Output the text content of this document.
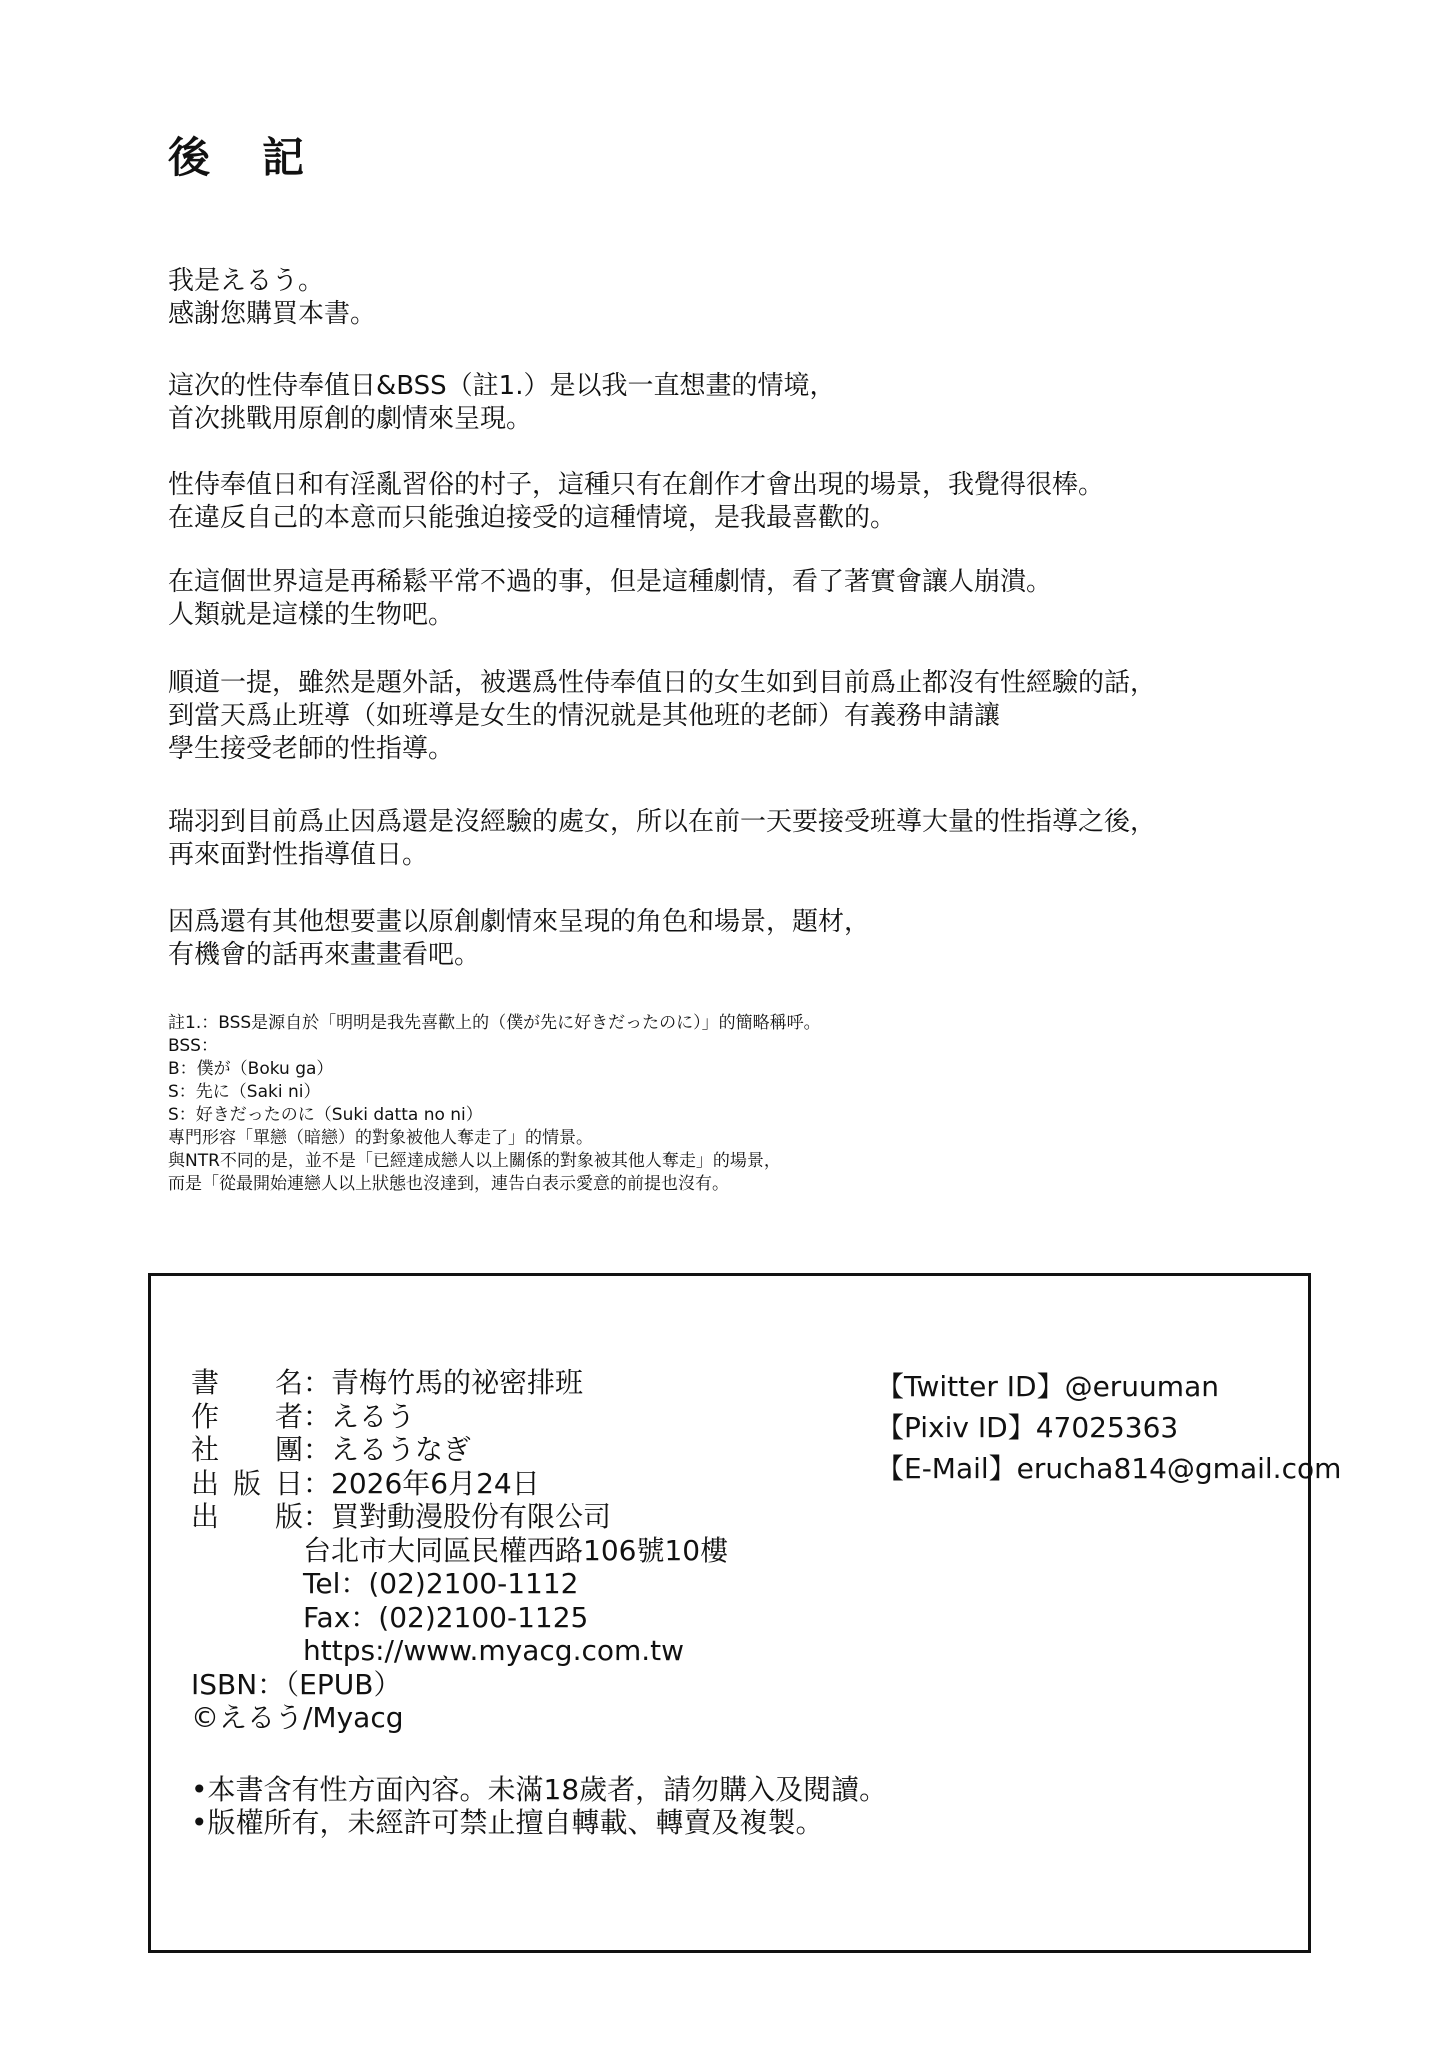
後記
我是えるう。
感謝您購買本書。
這次的性侍奉值日&BSS（註1.）是以我一直想畫的情境，
首次挑戰用原創的劇情來呈現。
性侍奉值日和有淫亂習俗的村子，這種只有在創作才會出現的場景，我覺得很棒。
在違反自己的本意而只能強迫接受的這種情境，是我最喜歡的。
在這個世界這是再稀鬆平常不過的事，但是這種劇情，看了著實會讓人崩潰。
人類就是這樣的生物吧。
順道一提，雖然是題外話，被選爲性侍奉值日的女生如到目前爲止都沒有性經驗的話，
到當天爲止班導（如班導是女生的情況就是其他班的老師）有義務申請讓
學生接受老師的性指導。
瑞羽到目前爲止因爲還是沒經驗的處女，所以在前一天要接受班導大量的性指導之後，
再來面對性指導值日。
因爲還有其他想要畫以原創劇情來呈現的角色和場景，題材，
有機會的話再來畫畫看吧。
註1.：BSS是源自於「明明是我先喜歡上的（僕が先に好きだったのに）」的簡略稱呼。
BSS：
B：僕が（Boku ga）
S：先に（Saki ni）
S：好きだったのに（Suki datta no ni）
專門形容「單戀（暗戀）的對象被他人奪走了」的情景。
與NTR不同的是，並不是「已經達成戀人以上關係的對象被其他人奪走」的場景，
而是「從最開始連戀人以上狀態也沒達到，連告白表示愛意的前提也沒有。
書名 ： 青梅竹馬的祕密排班
作者 ： えるう
社團 ： えるうなぎ
出版日 ： 2026年6月24日
出版 ： 買對動漫股份有限公司
台北市大同區民權西路106號10樓
Tel：(02)2100-1112
Fax：(02)2100-1125
https://www.myacg.com.tw
ISBN：（EPUB）
©えるう/Myacg
【Twitter ID】@eruuman
【Pixiv ID】47025363
【E-Mail】erucha814@gmail.com
•本書含有性方面內容。未滿18歲者，請勿購入及閱讀。
•版權所有，未經許可禁止擅自轉載、轉賣及複製。
